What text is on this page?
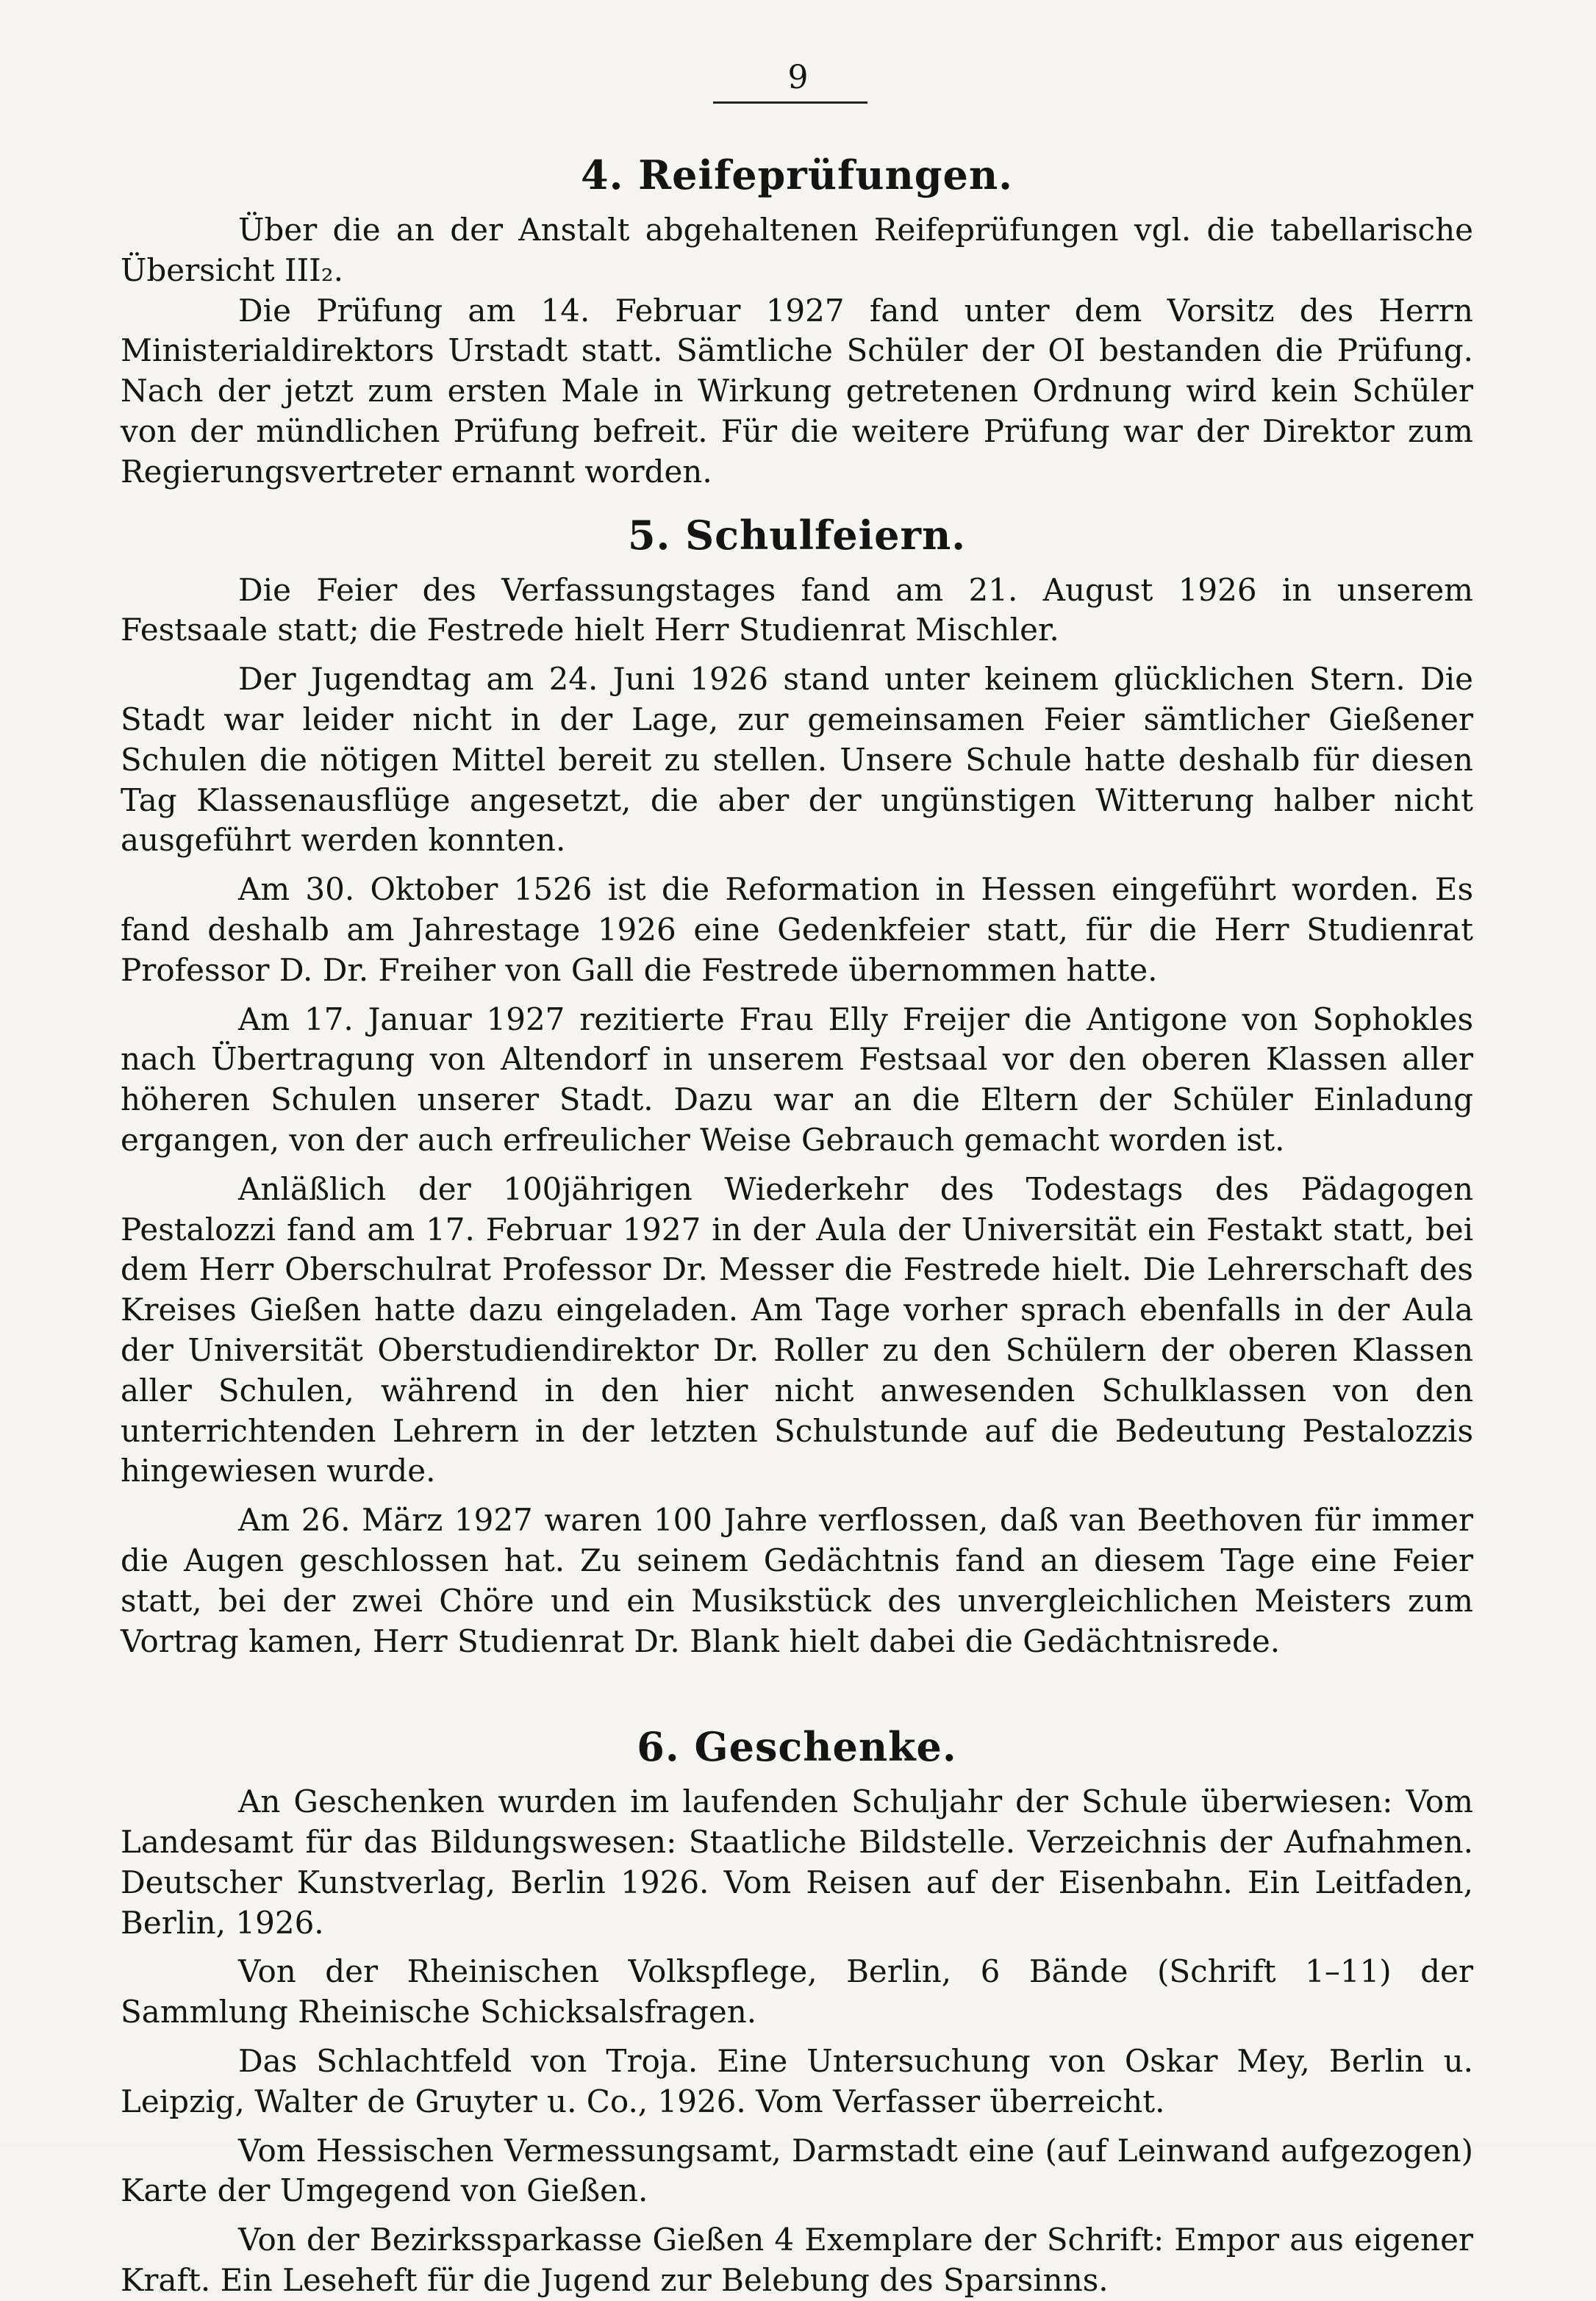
9
4. Reifeprüfungen.

Über die an der Anstalt abgehaltenen Reifeprüfungen vgl. die tabellarische Übersicht III₂.

Die Prüfung am 14. Februar 1927 fand unter dem Vorsitz des Herrn Ministerialdirektors Urstadt statt. Sämtliche Schüler der OI bestanden die Prüfung. Nach der jetzt zum ersten Male in Wirkung getretenen Ordnung wird kein Schüler von der mündlichen Prüfung befreit. Für die weitere Prüfung war der Direktor zum Regierungsvertreter ernannt worden.

5. Schulfeiern.

Die Feier des Verfassungstages fand am 21. August 1926 in unserem Festsaale statt; die Festrede hielt Herr Studienrat Mischler.

Der Jugendtag am 24. Juni 1926 stand unter keinem glücklichen Stern. Die Stadt war leider nicht in der Lage, zur gemeinsamen Feier sämtlicher Gießener Schulen die nötigen Mittel bereit zu stellen. Unsere Schule hatte deshalb für diesen Tag Klassenausflüge angesetzt, die aber der ungünstigen Witterung halber nicht ausgeführt werden konnten.

Am 30. Oktober 1526 ist die Reformation in Hessen eingeführt worden. Es fand deshalb am Jahrestage 1926 eine Gedenkfeier statt, für die Herr Studienrat Professor D. Dr. Freiher von Gall die Festrede übernommen hatte.

Am 17. Januar 1927 rezitierte Frau Elly Freijer die Antigone von Sophokles nach Übertragung von Altendorf in unserem Festsaal vor den oberen Klassen aller höheren Schulen unserer Stadt. Dazu war an die Eltern der Schüler Einladung ergangen, von der auch erfreulicher Weise Gebrauch gemacht worden ist.

Anläßlich der 100jährigen Wiederkehr des Todestags des Pädagogen Pestalozzi fand am 17. Februar 1927 in der Aula der Universität ein Festakt statt, bei dem Herr Oberschulrat Professor Dr. Messer die Festrede hielt. Die Lehrerschaft des Kreises Gießen hatte dazu eingeladen. Am Tage vorher sprach ebenfalls in der Aula der Universität Oberstudiendirektor Dr. Roller zu den Schülern der oberen Klassen aller Schulen, während in den hier nicht anwesenden Schulklassen von den unterrichtenden Lehrern in der letzten Schulstunde auf die Bedeutung Pestalozzis hingewiesen wurde.

Am 26. März 1927 waren 100 Jahre verflossen, daß van Beethoven für immer die Augen geschlossen hat. Zu seinem Gedächtnis fand an diesem Tage eine Feier statt, bei der zwei Chöre und ein Musikstück des unvergleichlichen Meisters zum Vortrag kamen, Herr Studienrat Dr. Blank hielt dabei die Gedächtnisrede.

6. Geschenke.

An Geschenken wurden im laufenden Schuljahr der Schule überwiesen: Vom Landesamt für das Bildungswesen: Staatliche Bildstelle. Verzeichnis der Aufnahmen. Deutscher Kunstverlag, Berlin 1926. Vom Reisen auf der Eisenbahn. Ein Leitfaden, Berlin, 1926.

Von der Rheinischen Volkspflege, Berlin, 6 Bände (Schrift 1–11) der Sammlung Rheinische Schicksalsfragen.

Das Schlachtfeld von Troja. Eine Untersuchung von Oskar Mey, Berlin u. Leipzig, Walter de Gruyter u. Co., 1926. Vom Verfasser überreicht.

Vom Hessischen Vermessungsamt, Darmstadt eine (auf Leinwand aufgezogen) Karte der Umgegend von Gießen.

Von der Bezirkssparkasse Gießen 4 Exemplare der Schrift: Empor aus eigener Kraft. Ein Leseheft für die Jugend zur Belebung des Sparsinns.
